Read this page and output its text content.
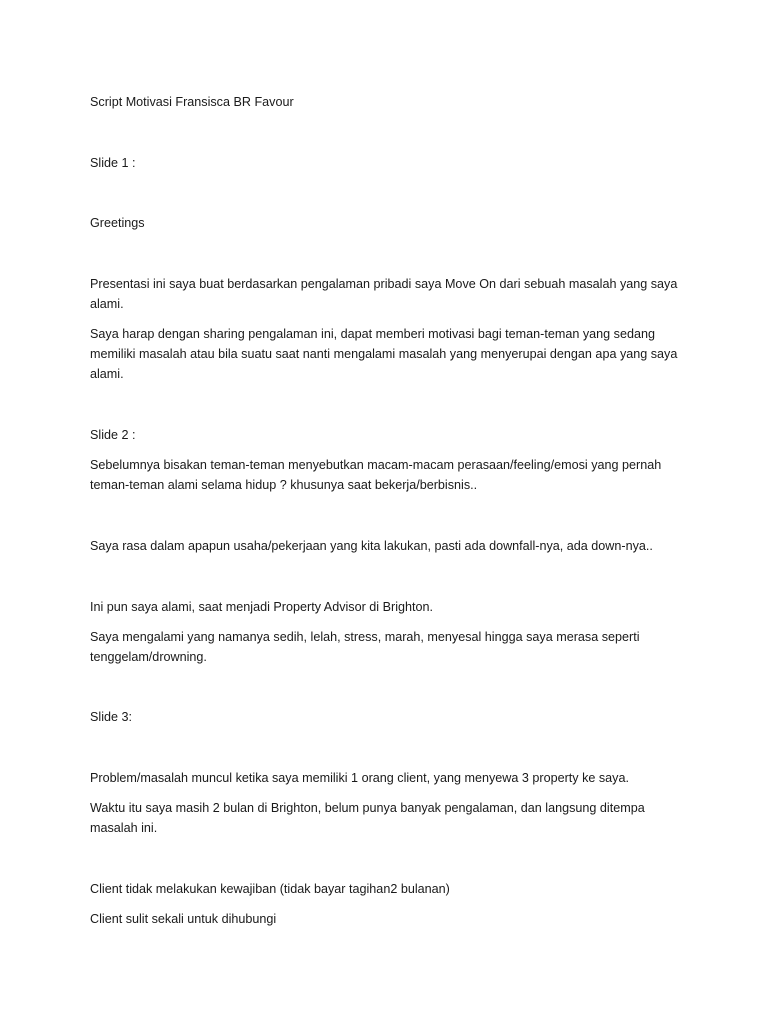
Script Motivasi Fransisca BR Favour
Slide 1 :
Greetings
Presentasi ini saya buat berdasarkan pengalaman pribadi saya Move On dari sebuah masalah yang saya
alami.
Saya harap dengan sharing pengalaman ini, dapat memberi motivasi bagi teman-teman yang sedang
memiliki masalah atau bila suatu saat nanti mengalami masalah yang menyerupai dengan apa yang saya
alami.
Slide 2 :
Sebelumnya bisakan teman-teman menyebutkan macam-macam perasaan/feeling/emosi yang pernah
teman-teman alami selama hidup ? khusunya saat bekerja/berbisnis..
Saya rasa dalam apapun usaha/pekerjaan yang kita lakukan, pasti ada downfall-nya, ada down-nya..
Ini pun saya alami, saat menjadi Property Advisor di Brighton.
Saya mengalami yang namanya sedih, lelah, stress, marah, menyesal hingga saya merasa seperti
tenggelam/drowning.
Slide 3:
Problem/masalah muncul ketika saya memiliki 1 orang client, yang menyewa 3 property ke saya.
Waktu itu saya masih 2 bulan di Brighton, belum punya banyak pengalaman, dan langsung ditempa
masalah ini.
Client tidak melakukan kewajiban (tidak bayar tagihan2 bulanan)
Client sulit sekali untuk dihubungi
